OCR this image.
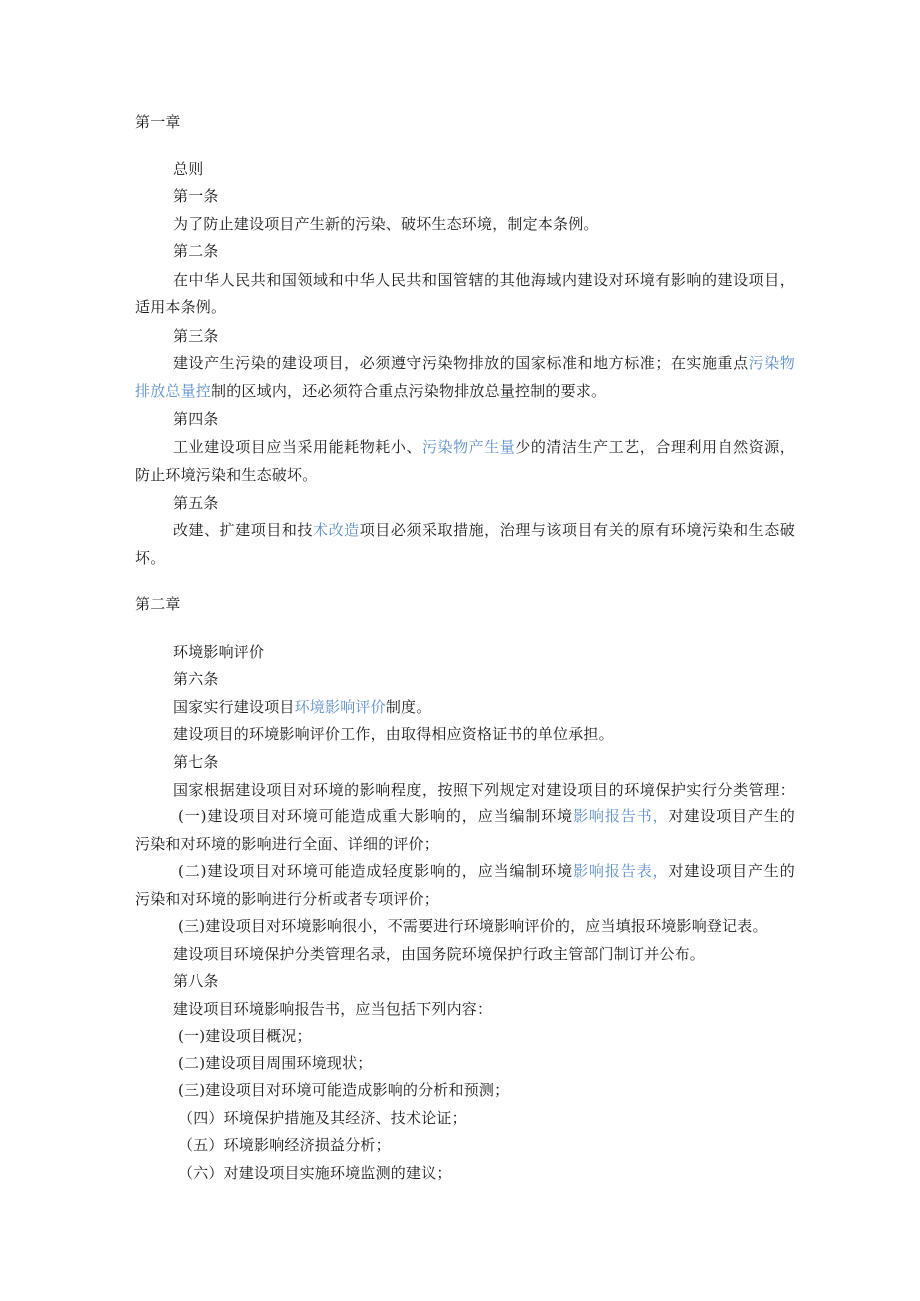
第一章
总则
第一条
为了防止建设项目产生新的污染、破坏生态环境，制定本条例。
第二条
在中华人民共和国领域和中华人民共和国管辖的其他海域内建设对环境有影响的建设项目，
适用本条例。
第三条
建设产生污染的建设项目，必须遵守污染物排放的国家标准和地方标准；在实施重点污染物
排放总量控制的区域内，还必须符合重点污染物排放总量控制的要求。
第四条
工业建设项目应当采用能耗物耗小、污染物产生量少的清洁生产工艺，合理利用自然资源，
防止环境污染和生态破坏。
第五条
改建、扩建项目和技术改造项目必须采取措施，治理与该项目有关的原有环境污染和生态破
坏。
第二章
环境影响评价
第六条
国家实行建设项目环境影响评价制度。
建设项目的环境影响评价工作，由取得相应资格证书的单位承担。
第七条
国家根据建设项目对环境的影响程度，按照下列规定对建设项目的环境保护实行分类管理：
(一)建设项目对环境可能造成重大影响的，应当编制环境影响报告书，对建设项目产生的
污染和对环境的影响进行全面、详细的评价；
(二)建设项目对环境可能造成轻度影响的，应当编制环境影响报告表，对建设项目产生的
污染和对环境的影响进行分析或者专项评价；
(三)建设项目对环境影响很小，不需要进行环境影响评价的，应当填报环境影响登记表。
建设项目环境保护分类管理名录，由国务院环境保护行政主管部门制订并公布。
第八条
建设项目环境影响报告书，应当包括下列内容：
(一)建设项目概况；
(二)建设项目周围环境现状；
(三)建设项目对环境可能造成影响的分析和预测；
（四）环境保护措施及其经济、技术论证；
（五）环境影响经济损益分析；
（六）对建设项目实施环境监测的建议；
